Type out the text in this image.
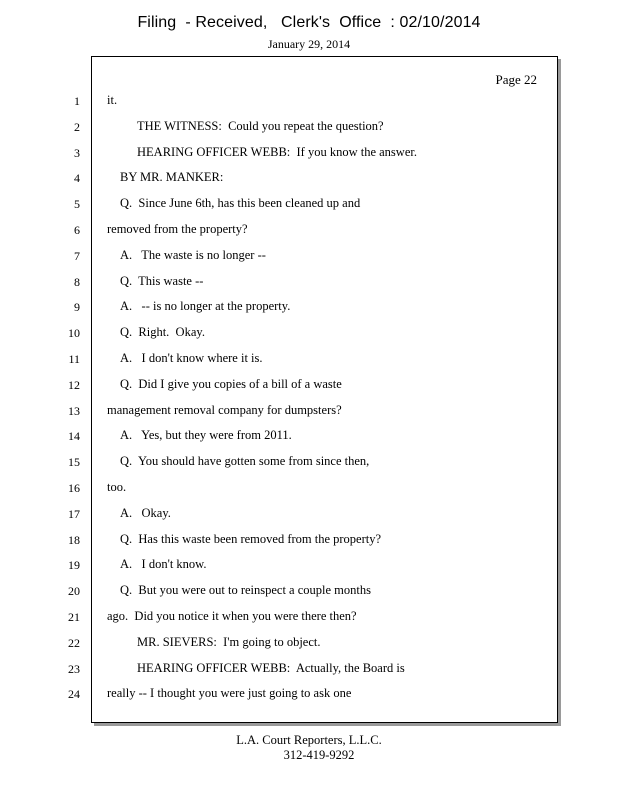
Filing  - Received,   Clerk's  Office  : 02/10/2014
January 29, 2014
Page 22
1 it.
2	THE WITNESS:  Could you repeat the question?
3	HEARING OFFICER WEBB:  If you know the answer.
4	BY MR. MANKER:
5	Q.  Since June 6th, has this been cleaned up and
6 removed from the property?
7	A.   The waste is no longer --
8	Q.  This waste --
9	A.   -- is no longer at the property.
10	Q.  Right.  Okay.
11	A.   I don't know where it is.
12	Q.  Did I give you copies of a bill of a waste
13 management removal company for dumpsters?
14	A.   Yes, but they were from 2011.
15	Q.  You should have gotten some from since then,
16 too.
17	A.   Okay.
18	Q.  Has this waste been removed from the property?
19	A.   I don't know.
20	Q.  But you were out to reinspect a couple months
21 ago.  Did you notice it when you were there then?
22	MR. SIEVERS:  I'm going to object.
23	HEARING OFFICER WEBB:  Actually, the Board is
24 really -- I thought you were just going to ask one
L.A. Court Reporters, L.L.C.
312-419-9292
